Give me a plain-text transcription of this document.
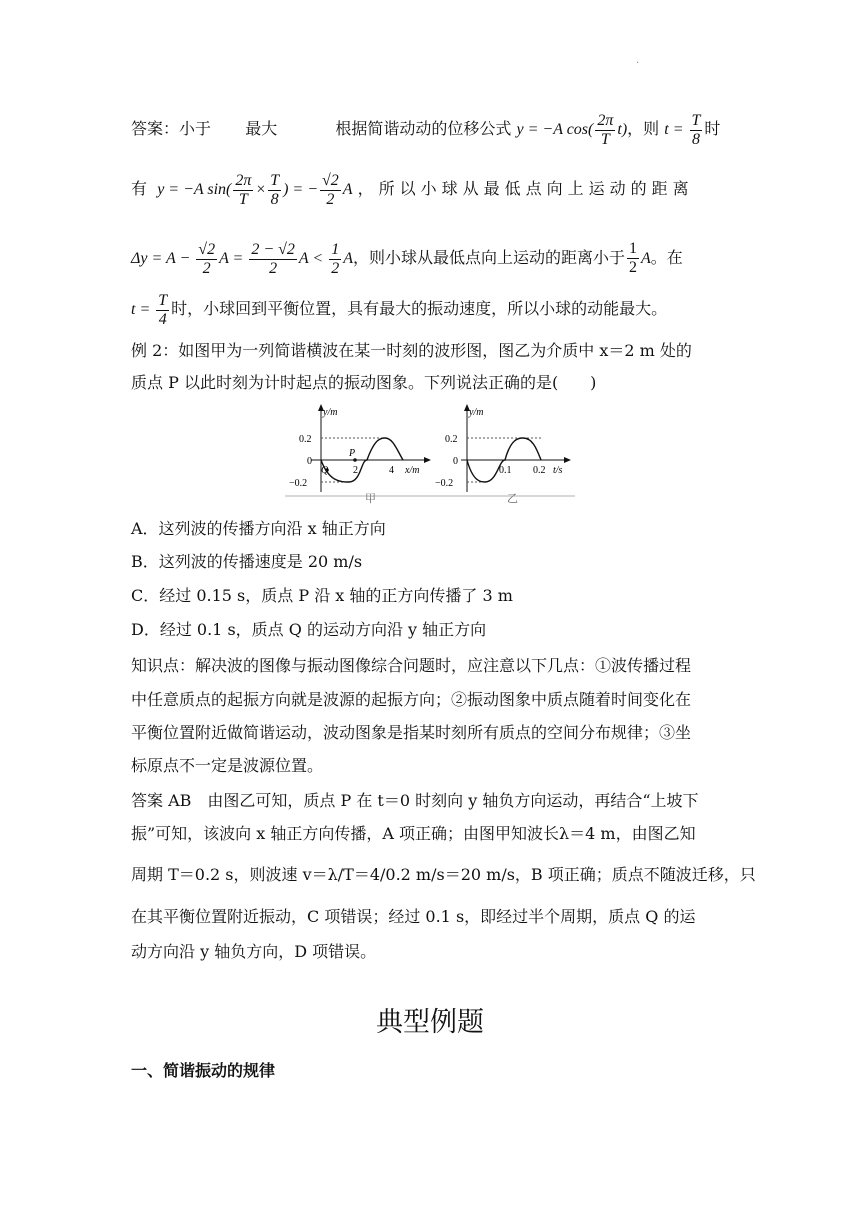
·
答案：小于 最大	根据简谐动动的位移公式 y = −A $\cos( \frac{2\pi}{T} t)$，则 $t = \frac{T}{8}$ 时
有 y = −A $\sin( \frac{2\pi}{T} \times \frac{T}{8}$ ) = − $\frac{√2}{2}$ A ，所以小球从最低点向上运动的距离
$\Delta y = A - \frac{√2}{2}$ $A = \frac{2 - √2}{2}$ $A < \frac{1}{2}$ A，则小球从最低点向上运动的距离小于 $\frac{1}{2}$ A。在
$t = \frac{T}{4}$ 时，小球回到平衡位置，具有最大的振动速度，所以小球的动能最大。
例 2：如图甲为一列简谐横波在某一时刻的波形图，图乙为介质中 x＝2 m 处的
质点 P 以此时刻为计时起点的振动图象。下列说法正确的是(　　)
y/m
0.2
0
−0.2
Q
P
2	4 x/m
甲
y/m
0.2
0
−0.2
0.1 0.2 t/s
乙
A．这列波的传播方向沿 x 轴正方向
B．这列波的传播速度是 20 m/s
C．经过 0.15 s，质点 P 沿 x 轴的正方向传播了 3 m
D．经过 0.1 s，质点 Q 的运动方向沿 y 轴正方向
知识点：解决波的图像与振动图像综合问题时，应注意以下几点：①波传播过程
中任意质点的起振方向就是波源的起振方向；②振动图象中质点随着时间变化在
平衡位置附近做简谐运动，波动图象是指某时刻所有质点的空间分布规律；③坐
标原点不一定是波源位置。
答案 AB　由图乙可知，质点 P 在 t＝0 时刻向 y 轴负方向运动，再结合“上坡下
振”可知，该波向 x 轴正方向传播，A 项正确；由图甲知波长λ＝4 m，由图乙知
周期 T＝0.2 s，则波速 v＝λ/T＝4/0.2 m/s＝20 m/s，B 项正确；质点不随波迁移，只
在其平衡位置附近振动，C 项错误；经过 0.1 s，即经过半个周期，质点 Q 的运
动方向沿 y 轴负方向，D 项错误。
典型例题
一、简谐振动的规律
